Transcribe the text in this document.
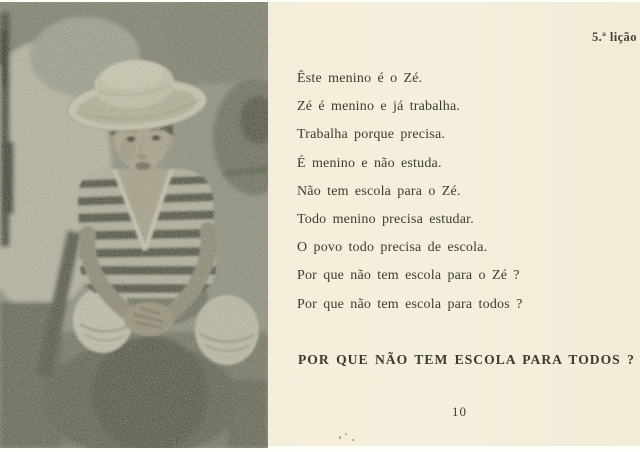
5.ª lição

Êste menino é o Zé.

Zé é menino e já trabalha.

Trabalha porque precisa.

É menino e não estuda.

Não tem escola para o Zé.

Todo menino precisa estudar.

O povo todo precisa de escola.

Por que não tem escola para o Zé ?

Por que não tem escola para todos ?

POR QUE NÃO TEM ESCOLA PARA TODOS ?
10
